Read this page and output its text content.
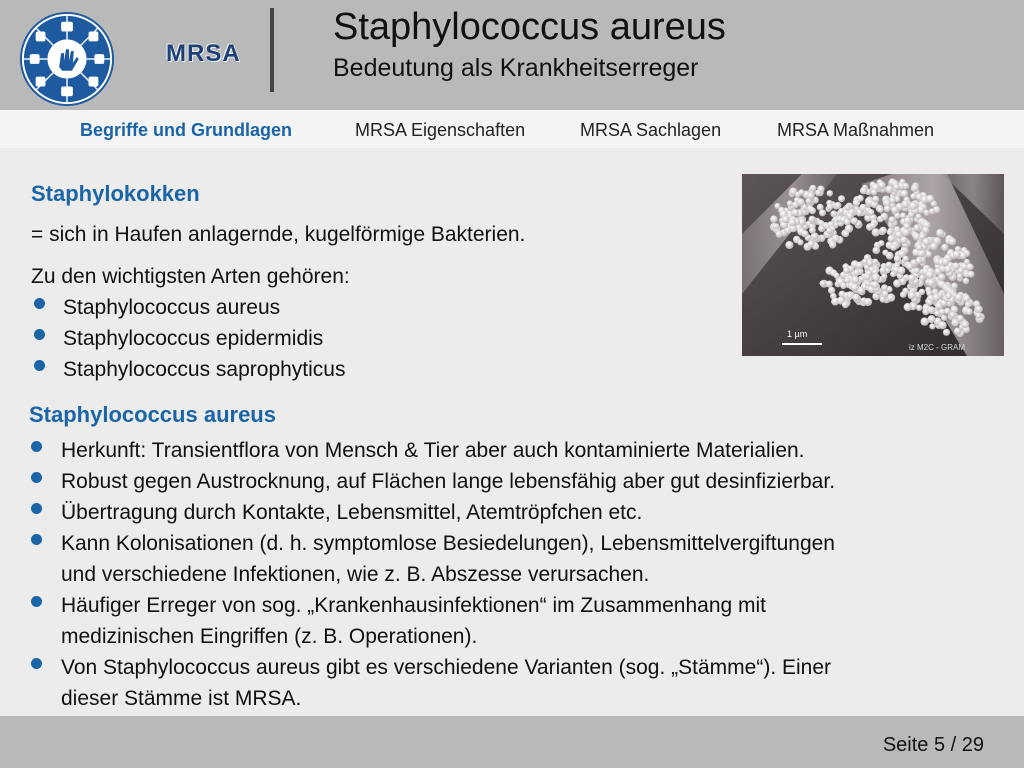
MRSA
Staphylococcus aureus
Bedeutung als Krankheitserreger
Begriffe und Grundlagen	MRSA Eigenschaften	MRSA Sachlagen	MRSA Maßnahmen
Staphylokokken
= sich in Haufen anlagernde, kugelförmige Bakterien.
Zu den wichtigsten Arten gehören:
Staphylococcus aureus
Staphylococcus epidermidis
Staphylococcus saprophyticus
1 µm
iz M2C - GRAM
Staphylococcus aureus
Herkunft: Transientflora von Mensch & Tier aber auch kontaminierte Materialien.
Robust gegen Austrocknung, auf Flächen lange lebensfähig aber gut desinfizierbar.
Übertragung durch Kontakte, Lebensmittel, Atemtröpfchen etc.
Kann Kolonisationen (d. h. symptomlose Besiedelungen), Lebensmittelvergiftungen
und verschiedene Infektionen, wie z. B. Abszesse verursachen.
Häufiger Erreger von sog. „Krankenhausinfektionen“ im Zusammenhang mit
medizinischen Eingriffen (z. B. Operationen).
Von Staphylococcus aureus gibt es verschiedene Varianten (sog. „Stämme“). Einer
dieser Stämme ist MRSA.
Seite 5 / 29
